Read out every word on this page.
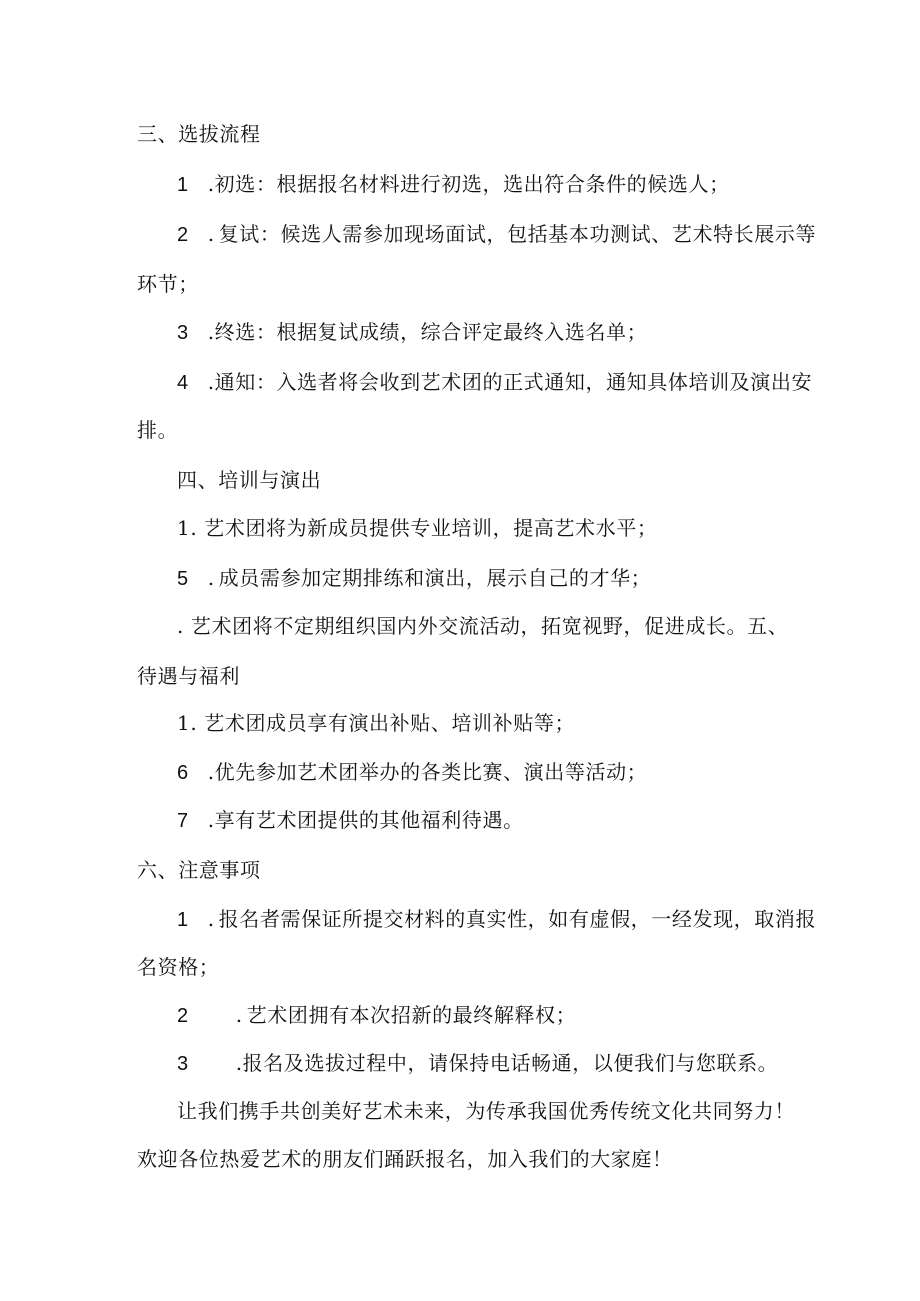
三、选拔流程
1 .初选：根据报名材料进行初选，选出符合条件的候选人；
2 . 复试：候选人需参加现场面试，包括基本功测试、艺术特长展示等
环节；
3 .终选：根据复试成绩，综合评定最终入选名单；
4 .通知：入选者将会收到艺术团的正式通知，通知具体培训及演出安
排。
四、培训与演出
1. 艺术团将为新成员提供专业培训，提高艺术水平；
5 . 成员需参加定期排练和演出，展示自己的才华；
. 艺术团将不定期组织国内外交流活动，拓宽视野，促进成长。五、
待遇与福利
1. 艺术团成员享有演出补贴、培训补贴等；
6 .优先参加艺术团举办的各类比赛、演出等活动；
7 .享有艺术团提供的其他福利待遇。
六、注意事项
1 . 报名者需保证所提交材料的真实性，如有虚假，一经发现，取消报
名资格；
2 . 艺术团拥有本次招新的最终解释权；
3 .报名及选拔过程中，请保持电话畅通，以便我们与您联系。
让我们携手共创美好艺术未来，为传承我国优秀传统文化共同努力！
欢迎各位热爱艺术的朋友们踊跃报名，加入我们的大家庭！
